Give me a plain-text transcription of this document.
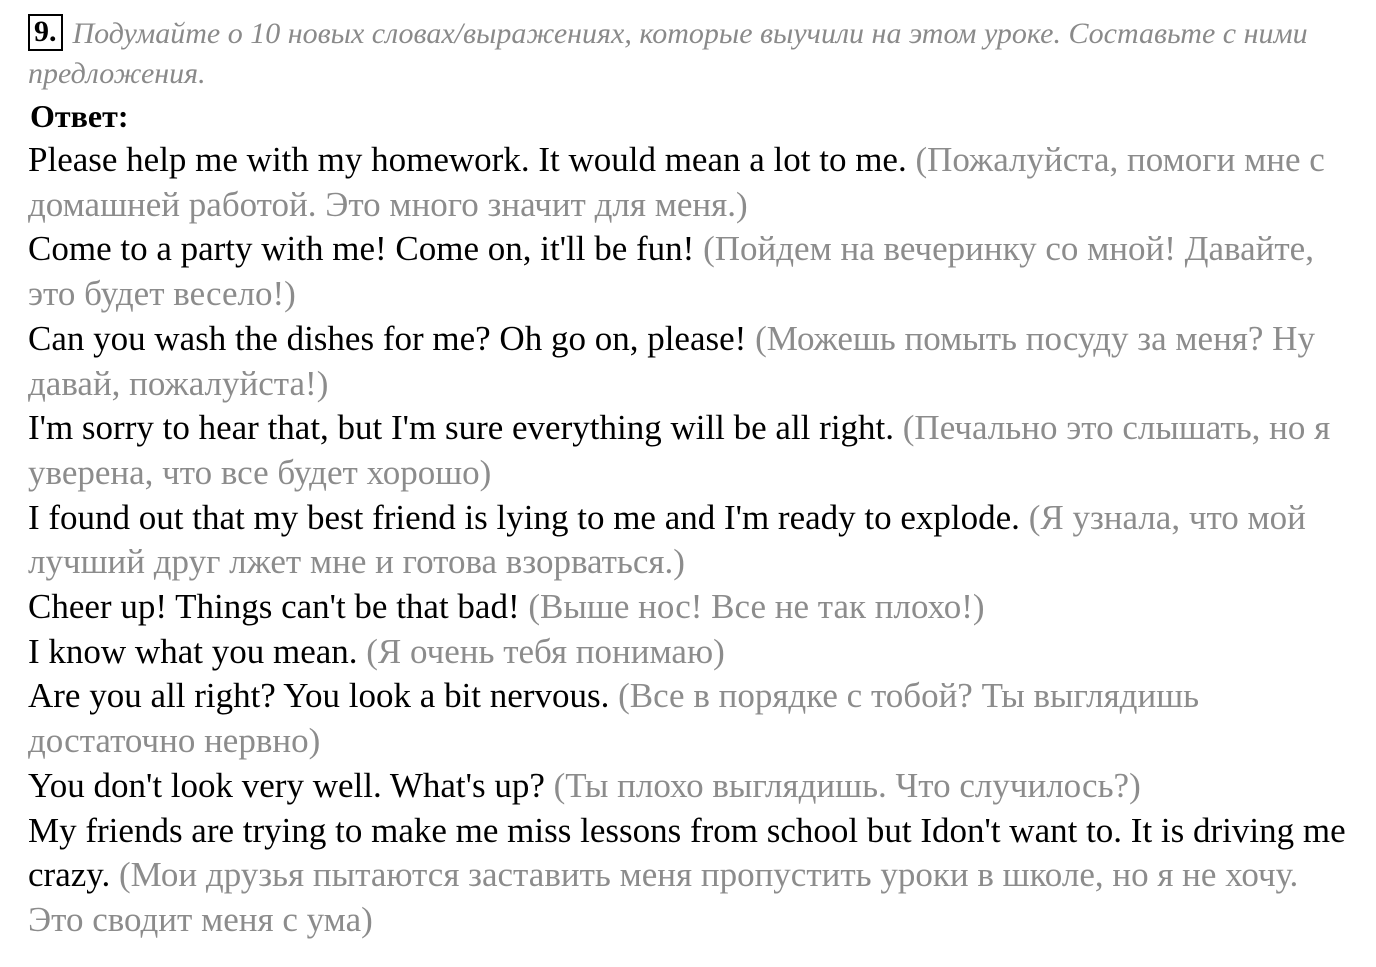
9. Подумайте о 10 новых словах/выражениях, которые выучили на этом уроке. Составьте с ними предложения.
Ответ:
Please help me with my homework. It would mean a lot to me. (Пожалуйста, помоги мне с домашней работой. Это много значит для меня.)
Come to a party with me! Come on, it'll be fun! (Пойдем на вечеринку со мной! Давайте, это будет весело!)
Can you wash the dishes for me? Oh go on, please! (Можешь помыть посуду за меня? Ну давай, пожалуйста!)
I'm sorry to hear that, but I'm sure everything will be all right. (Печально это слышать, но я уверена, что все будет хорошо)
I found out that my best friend is lying to me and I'm ready to explode. (Я узнала, что мой лучший друг лжет мне и готова взорваться.)
Cheer up! Things can't be that bad! (Выше нос! Все не так плохо!)
I know what you mean. (Я очень тебя понимаю)
Are you all right? You look a bit nervous. (Все в порядке с тобой? Ты выглядишь достаточно нервно)
You don't look very well. What's up? (Ты плохо выглядишь. Что случилось?)
My friends are trying to make me miss lessons from school but Idon't want to. It is driving me crazy. (Мои друзья пытаются заставить меня пропустить уроки в школе, но я не хочу. Это сводит меня с ума)
